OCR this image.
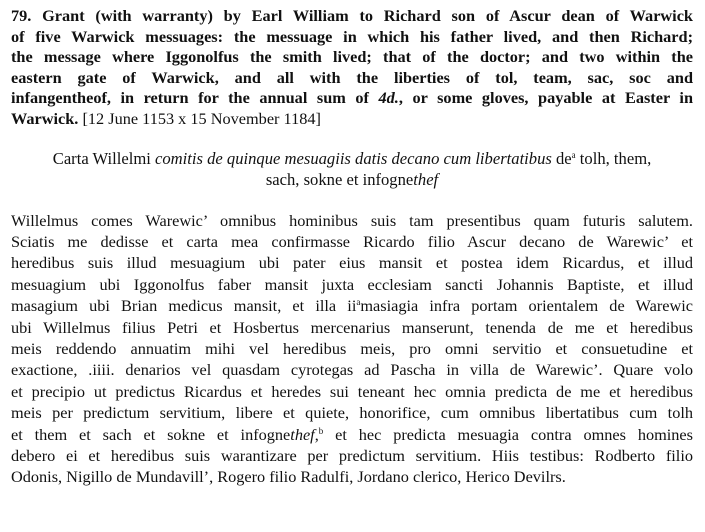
79. Grant (with warranty) by Earl William to Richard son of Ascur dean of Warwick
of five Warwick messuages: the messuage in which his father lived, and then Richard;
the message where Iggonolfus the smith lived; that of the doctor; and two within the
eastern gate of Warwick, and all with the liberties of tol, team, sac, soc and
infangentheof, in return for the annual sum of 4d., or some gloves, payable at Easter in
Warwick. [12 June 1153 x 15 November 1184]
Carta Willelmi comitis de quinque mesuagiis datis decano cum libertatibus $de^a$ tolh, them,
sach, sokne et infognethef
Willelmus comes Warewic’ omnibus hominibus suis tam presentibus quam futuris salutem.
Sciatis me dedisse et carta mea confirmasse Ricardo filio Ascur decano de Warewic’ et
heredibus suis illud mesuagium ubi pater eius mansit et postea idem Ricardus, et illud
mesuagium ubi Iggonolfus faber mansit juxta ecclesiam sancti Johannis Baptiste, et illud
masagium ubi Brian medicus mansit, et illa $ii^amasiagia$ infra portam orientalem de Warewic
ubi Willelmus filius Petri et Hosbertus mercenarius manserunt, tenenda de me et heredibus
meis reddendo annuatim mihi vel heredibus meis, pro omni servitio et consuetudine et
exactione, .iiii. denarios vel quasdam cyrotegas ad Pascha in villa de Warewic’. Quare volo
et precipio ut predictus Ricardus et heredes sui teneant hec omnia predicta de me et heredibus
meis per predictum servitium, libere et quiete, honorifice, cum omnibus libertatibus cum tolh
et them et sach et sokne et infognethef,$^b$ et hec predicta mesuagia contra omnes homines
debero ei et heredibus suis warantizare per predictum servitium. Hiis testibus: Rodberto filio
Odonis, Nigillo de Mundavill’, Rogero filio Radulfi, Jordano clerico, Herico Devilrs.
